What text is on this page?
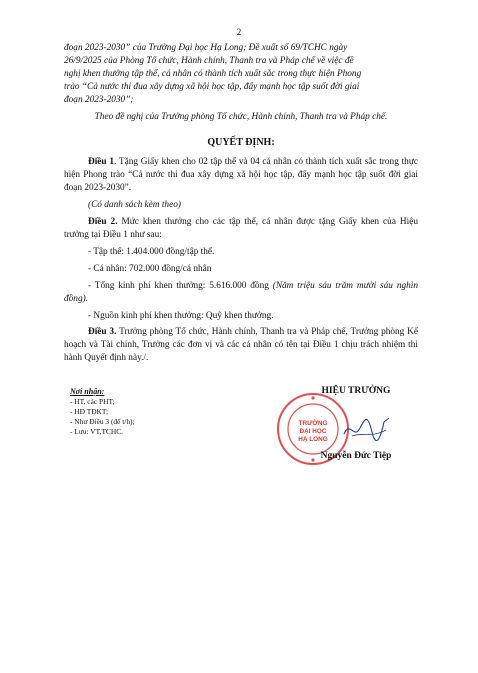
2
đoạn 2023-2030” của Trường Đại học Hạ Long; Đề xuất số 69/TCHC ngày
26/9/2025 của Phòng Tổ chức, Hành chính, Thanh tra và Pháp chế về việc đề
nghị khen thưởng tập thể, cá nhân có thành tích xuất sắc trong thực hiện Phong
trào “Cả nước thi đua xây dựng xã hội học tập, đẩy mạnh học tập suốt đời giai
đoạn 2023-2030”;
Theo đề nghị của Trưởng phòng Tổ chức, Hành chính, Thanh tra và Pháp chế.
QUYẾT ĐỊNH:
Điều 1. Tặng Giấy khen cho 02 tập thể và 04 cá nhân có thành tích xuất sắc trong thực hiện Phong trào “Cả nước thi đua xây dựng xã hội học tập, đẩy mạnh học tập suốt đời giai đoạn 2023-2030”.
(Có danh sách kèm theo)
Điều 2. Mức khen thưởng cho các tập thể, cá nhân được tặng Giấy khen của Hiệu trưởng tại Điều 1 như sau:
- Tập thể: 1.404.000 đồng/tập thể.
- Cá nhân: 702.000 đồng/cá nhân
- Tổng kinh phí khen thưởng: 5.616.000 đồng (Năm triệu sáu trăm mười sáu nghìn đồng).
- Nguồn kinh phí khen thưởng: Quỹ khen thưởng.
Điều 3. Trưởng phòng Tổ chức, Hành chính, Thanh tra và Pháp chế, Trưởng phòng Kế hoạch và Tài chính, Trưởng các đơn vị và các cá nhân có tên tại Điều 1 chịu trách nhiệm thi hành Quyết định này./.
Nơi nhận:
- HT, các PHT;
- HĐ TĐKT;
- Như Điều 3 (để t/h);
- Lưu: VT,TCHC.
TRƯỜNG
ĐẠI HỌC
HẠ LONG
HIỆU TRƯỞNG
Nguyễn Đức Tiệp
